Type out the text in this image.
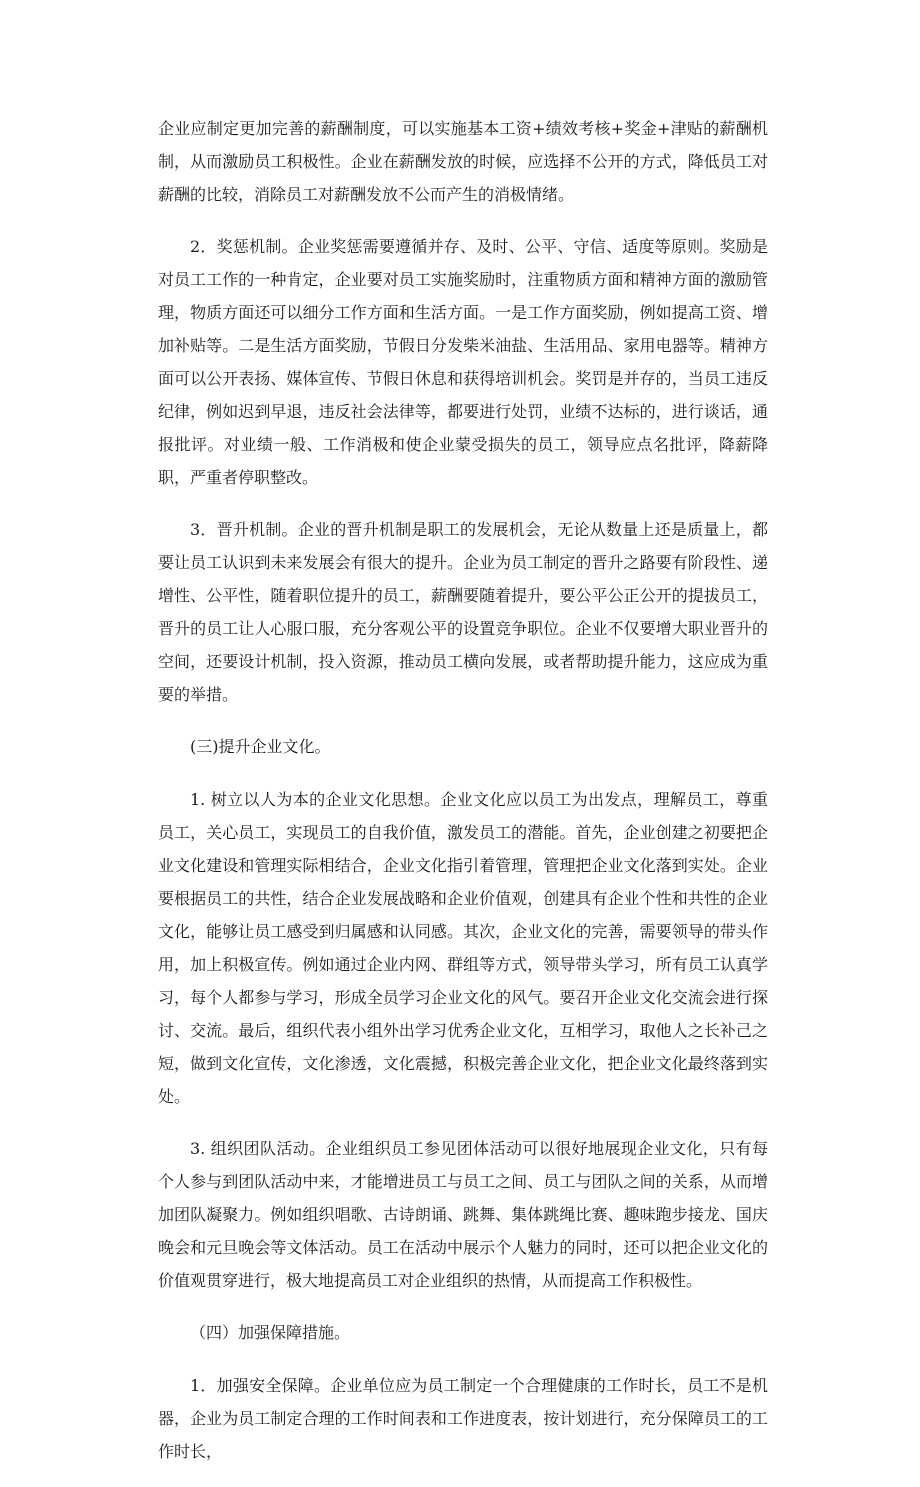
企业应制定更加完善的薪酬制度，可以实施基本工资+绩效考核+奖金+津贴的薪酬机制，从而激励员工积极性。企业在薪酬发放的时候，应选择不公开的方式，降低员工对薪酬的比较，消除员工对薪酬发放不公而产生的消极情绪。

2．奖惩机制。企业奖惩需要遵循并存、及时、公平、守信、适度等原则。奖励是对员工工作的一种肯定，企业要对员工实施奖励时，注重物质方面和精神方面的激励管理，物质方面还可以细分工作方面和生活方面。一是工作方面奖励，例如提高工资、增加补贴等。二是生活方面奖励，节假日分发柴米油盐、生活用品、家用电器等。精神方面可以公开表扬、媒体宣传、节假日休息和获得培训机会。奖罚是并存的，当员工违反纪律，例如迟到早退，违反社会法律等，都要进行处罚，业绩不达标的，进行谈话，通报批评。对业绩一般、工作消极和使企业蒙受损失的员工，领导应点名批评，降薪降职，严重者停职整改。

3．晋升机制。企业的晋升机制是职工的发展机会，无论从数量上还是质量上，都要让员工认识到未来发展会有很大的提升。企业为员工制定的晋升之路要有阶段性、递增性、公平性，随着职位提升的员工，薪酬要随着提升，要公平公正公开的提拔员工，晋升的员工让人心服口服，充分客观公平的设置竞争职位。企业不仅要增大职业晋升的空间，还要设计机制，投入资源，推动员工横向发展，或者帮助提升能力，这应成为重要的举措。

(三)提升企业文化。

1. 树立以人为本的企业文化思想。企业文化应以员工为出发点，理解员工，尊重员工，关心员工，实现员工的自我价值，激发员工的潜能。首先，企业创建之初要把企业文化建设和管理实际相结合，企业文化指引着管理，管理把企业文化落到实处。企业要根据员工的共性，结合企业发展战略和企业价值观，创建具有企业个性和共性的企业文化，能够让员工感受到归属感和认同感。其次，企业文化的完善，需要领导的带头作用，加上积极宣传。例如通过企业内网、群组等方式，领导带头学习，所有员工认真学习，每个人都参与学习，形成全员学习企业文化的风气。要召开企业文化交流会进行探讨、交流。最后，组织代表小组外出学习优秀企业文化，互相学习，取他人之长补己之短，做到文化宣传，文化渗透，文化震撼，积极完善企业文化，把企业文化最终落到实处。

3. 组织团队活动。企业组织员工参见团体活动可以很好地展现企业文化，只有每个人参与到团队活动中来，才能增进员工与员工之间、员工与团队之间的关系，从而增加团队凝聚力。例如组织唱歌、古诗朗诵、跳舞、集体跳绳比赛、趣味跑步接龙、国庆晚会和元旦晚会等文体活动。员工在活动中展示个人魅力的同时，还可以把企业文化的价值观贯穿进行，极大地提高员工对企业组织的热情，从而提高工作积极性。

（四）加强保障措施。

1．加强安全保障。企业单位应为员工制定一个合理健康的工作时长，员工不是机器，企业为员工制定合理的工作时间表和工作进度表，按计划进行，充分保障员工的工作时长，
